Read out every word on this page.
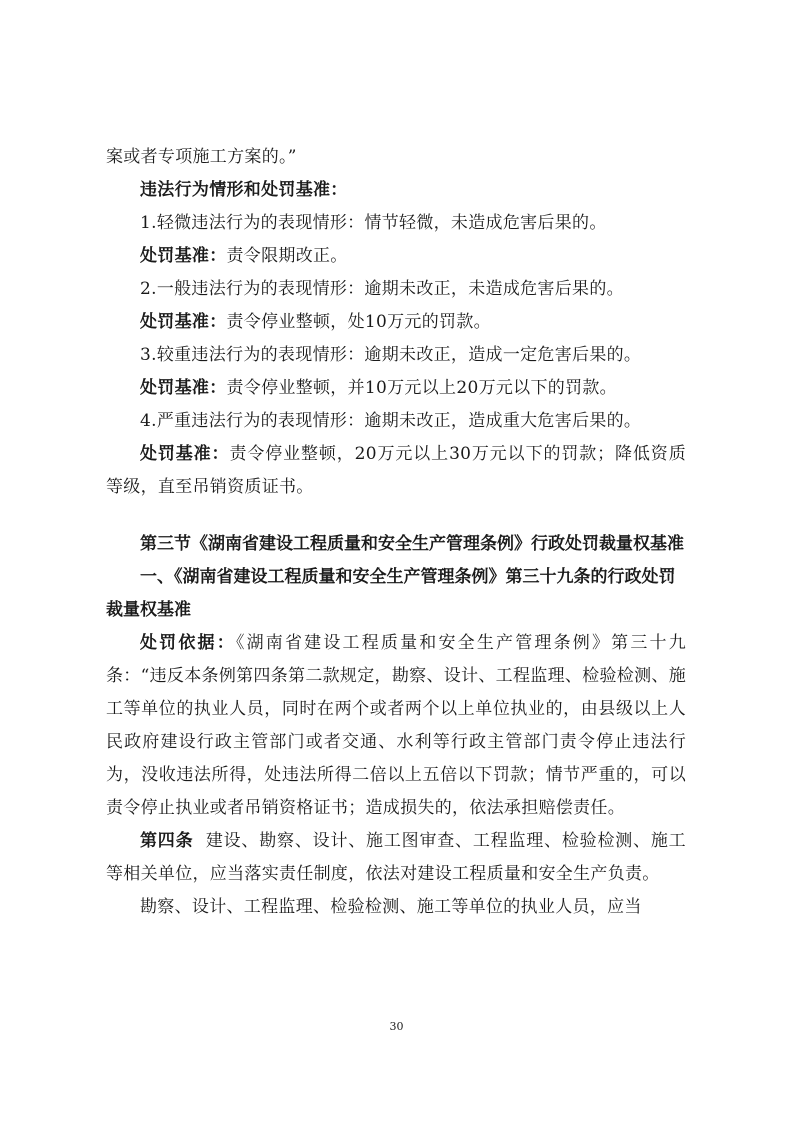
案或者专项施工方案的。”

违法行为情形和处罚基准：

1.轻微违法行为的表现情形：情节轻微，未造成危害后果的。

处罚基准：责令限期改正。

2.一般违法行为的表现情形：逾期未改正，未造成危害后果的。

处罚基准：责令停业整顿，处10万元的罚款。

3.较重违法行为的表现情形：逾期未改正，造成一定危害后果的。

处罚基准：责令停业整顿，并10万元以上20万元以下的罚款。

4.严重违法行为的表现情形：逾期未改正，造成重大危害后果的。

处罚基准：责令停业整顿，20万元以上30万元以下的罚款；降低资质等级，直至吊销资质证书。

第三节《湖南省建设工程质量和安全生产管理条例》行政处罚裁量权基准

一、《湖南省建设工程质量和安全生产管理条例》第三十九条的行政处罚裁量权基准

处罚依据：《湖南省建设工程质量和安全生产管理条例》第三十九条：“违反本条例第四条第二款规定，勘察、设计、工程监理、检验检测、施工等单位的执业人员，同时在两个或者两个以上单位执业的，由县级以上人民政府建设行政主管部门或者交通、水利等行政主管部门责令停止违法行为，没收违法所得，处违法所得二倍以上五倍以下罚款；情节严重的，可以责令停止执业或者吊销资格证书；造成损失的，依法承担赔偿责任。

第四条 建设、勘察、设计、施工图审查、工程监理、检验检测、施工等相关单位，应当落实责任制度，依法对建设工程质量和安全生产负责。

勘察、设计、工程监理、检验检测、施工等单位的执业人员，应当

30
